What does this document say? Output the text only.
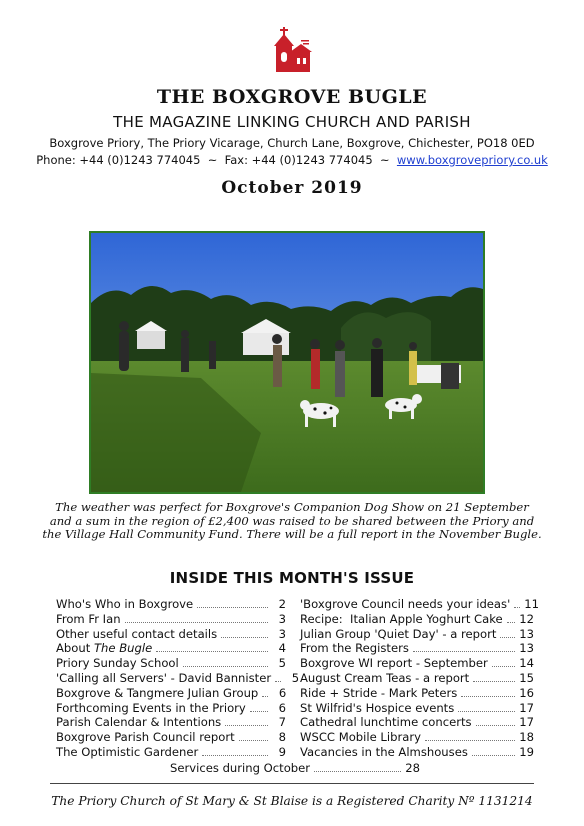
THE BOXGROVE BUGLE
THE MAGAZINE LINKING CHURCH AND PARISH
Boxgrove Priory, The Priory Vicarage, Church Lane, Boxgrove, Chichester, PO18 0ED
Phone: +44 (0)1243 774045  ~  Fax: +44 (0)1243 774045  ~  www.boxgrovepriory.co.uk
October 2019
The weather was perfect for Boxgrove's Companion Dog Show on 21 September
and a sum in the region of £2,400 was raised to be shared between the Priory and
the Village Hall Community Fund. There will be a full report in the November Bugle.
INSIDE THIS MONTH'S ISSUE
Who's Who in Boxgrove	2
From Fr Ian	3
Other useful contact details	3
About The Bugle	4
Priory Sunday School	5
'Calling all Servers' - David Bannister	5
Boxgrove & Tangmere Julian Group	6
Forthcoming Events in the Priory	6
Parish Calendar & Intentions	7
Boxgrove Parish Council report	8
The Optimistic Gardener	9
'Boxgrove Council needs your ideas' 11
Recipe:  Italian Apple Yoghurt Cake 12
Julian Group 'Quiet Day' - a report 13
From the Registers	13
Boxgrove WI report - September	14
August Cream Teas - a report	15
Ride + Stride - Mark Peters	16
St Wilfrid's Hospice events	17
Cathedral lunchtime concerts	17
WSCC Mobile Library	18
Vacancies in the Almshouses	19
Services during October	28
The Priory Church of St Mary & St Blaise is a Registered Charity Nº 1131214
